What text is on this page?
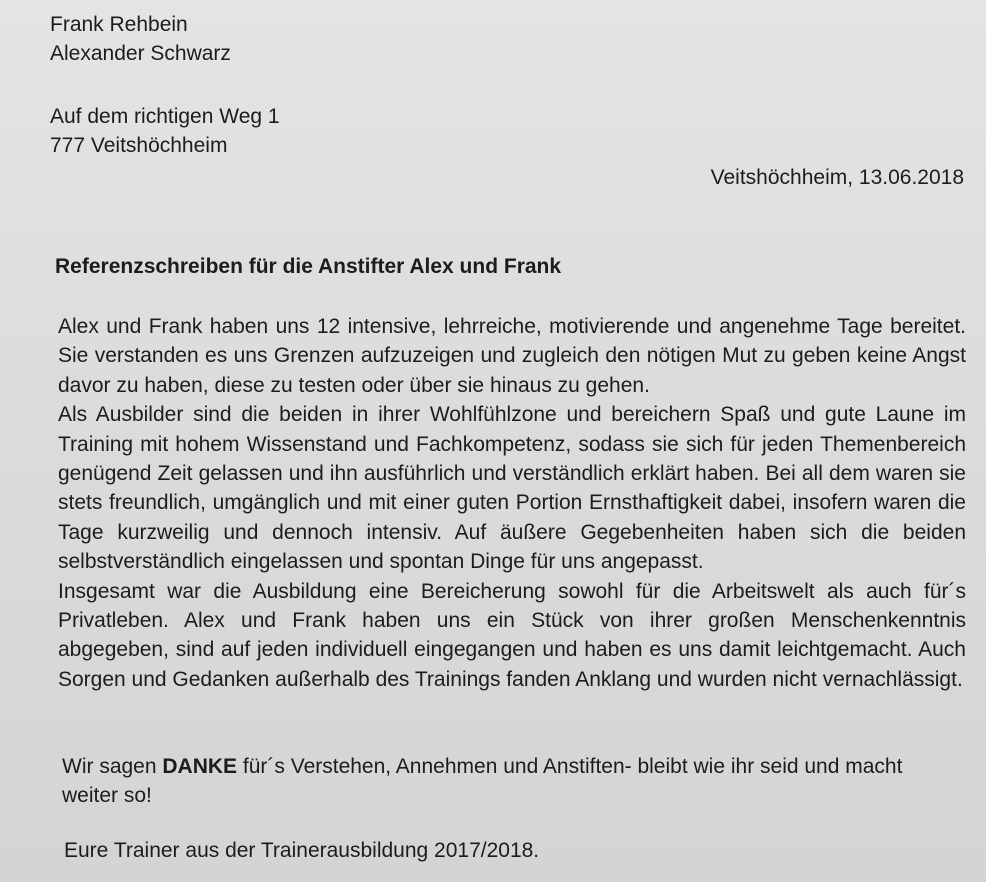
Frank Rehbein
Alexander Schwarz
Auf dem richtigen Weg 1
777 Veitshöchheim
Veitshöchheim, 13.06.2018
Referenzschreiben für die Anstifter Alex und Frank

Alex und Frank haben uns 12 intensive, lehrreiche, motivierende und angenehme Tage bereitet. Sie verstanden es uns Grenzen aufzuzeigen und zugleich den nötigen Mut zu geben keine Angst davor zu haben, diese zu testen oder über sie hinaus zu gehen.

Als Ausbilder sind die beiden in ihrer Wohlfühlzone und bereichern Spaß und gute Laune im Training mit hohem Wissenstand und Fachkompetenz, sodass sie sich für jeden Themenbereich genügend Zeit gelassen und ihn ausführlich und verständlich erklärt haben. Bei all dem waren sie stets freundlich, umgänglich und mit einer guten Portion Ernsthaftigkeit dabei, insofern waren die Tage kurzweilig und dennoch intensiv. Auf äußere Gegebenheiten haben sich die beiden selbstverständlich eingelassen und spontan Dinge für uns angepasst.

Insgesamt war die Ausbildung eine Bereicherung sowohl für die Arbeitswelt als auch für´s Privatleben. Alex und Frank haben uns ein Stück von ihrer großen Menschenkenntnis abgegeben, sind auf jeden individuell eingegangen und haben es uns damit leichtgemacht. Auch Sorgen und Gedanken außerhalb des Trainings fanden Anklang und wurden nicht vernachlässigt.

Wir sagen DANKE für´s Verstehen, Annehmen und Anstiften- bleibt wie ihr seid und macht weiter so!
Eure Trainer aus der Trainerausbildung 2017/2018.
